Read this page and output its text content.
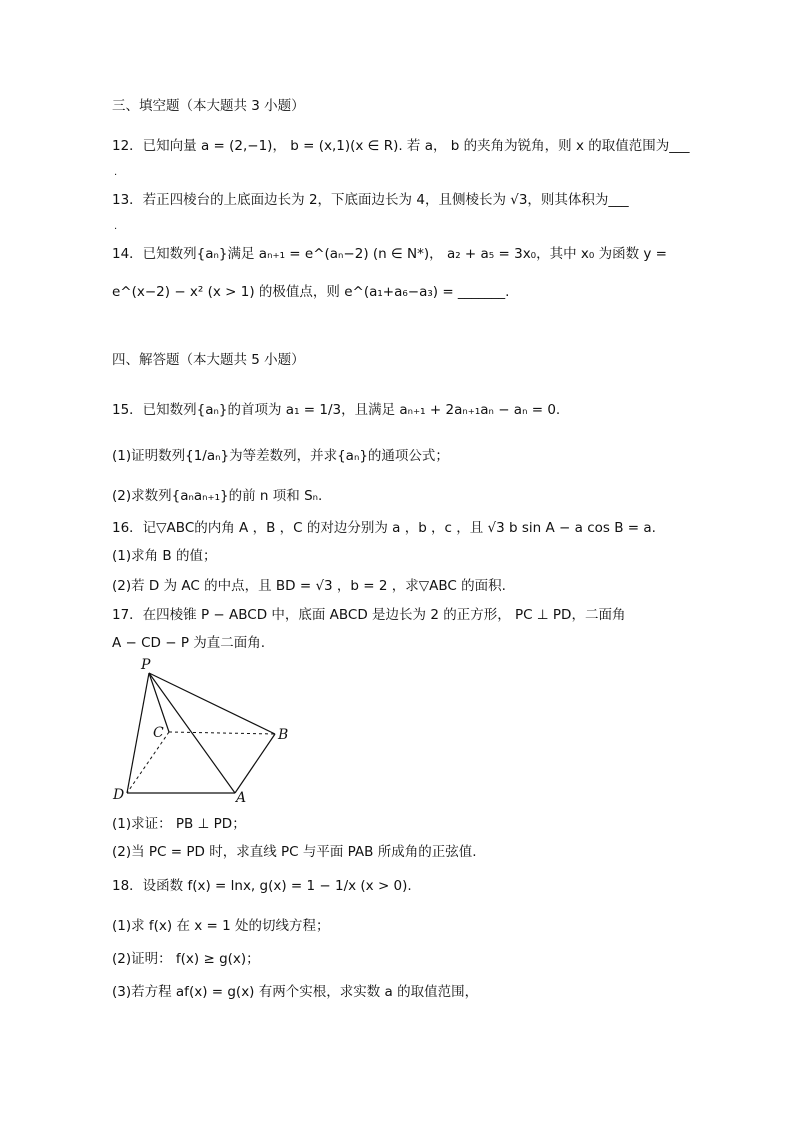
三、填空题（本大题共 3 小题）
12．已知向量 a = (2,−1)， b = (x,1)(x ∈ R). 若 a， b 的夹角为锐角，则 x 的取值范围为___
.
13．若正四棱台的上底面边长为 2，下底面边长为 4，且侧棱长为 √3，则其体积为___
.
14．已知数列{aₙ}满足 aₙ₊₁ = e^(aₙ−2) (n ∈ N*)， a₂ + a₅ = 3x₀，其中 x₀ 为函数 y =
e^(x−2) − x² (x > 1) 的极值点，则 e^(a₁+a₆−a₃) = _______.
四、解答题（本大题共 5 小题）
15．已知数列{aₙ}的首项为 a₁ = 1/3，且满足 aₙ₊₁ + 2aₙ₊₁aₙ − aₙ = 0.
(1)证明数列{1/aₙ}为等差数列，并求{aₙ}的通项公式；
(2)求数列{aₙaₙ₊₁}的前 n 项和 Sₙ.
16．记▽ABC的内角 A ，B ，C 的对边分别为 a ，b ，c ，且 √3 b sin A − a cos B = a.
(1)求角 B 的值；
(2)若 D 为 AC 的中点，且 BD = √3 ，b = 2 ，求▽ABC 的面积.
17．在四棱锥 P − ABCD 中，底面 ABCD 是边长为 2 的正方形， PC ⊥ PD，二面角
A − CD − P 为直二面角.
P
C	B
D	A
(1)求证： PB ⊥ PD；
(2)当 PC = PD 时，求直线 PC 与平面 PAB 所成角的正弦值.
18．设函数 f(x) = lnx, g(x) = 1 − 1/x (x > 0).
(1)求 f(x) 在 x = 1 处的切线方程；
(2)证明： f(x) ≥ g(x)；
(3)若方程 af(x) = g(x) 有两个实根，求实数 a 的取值范围，
